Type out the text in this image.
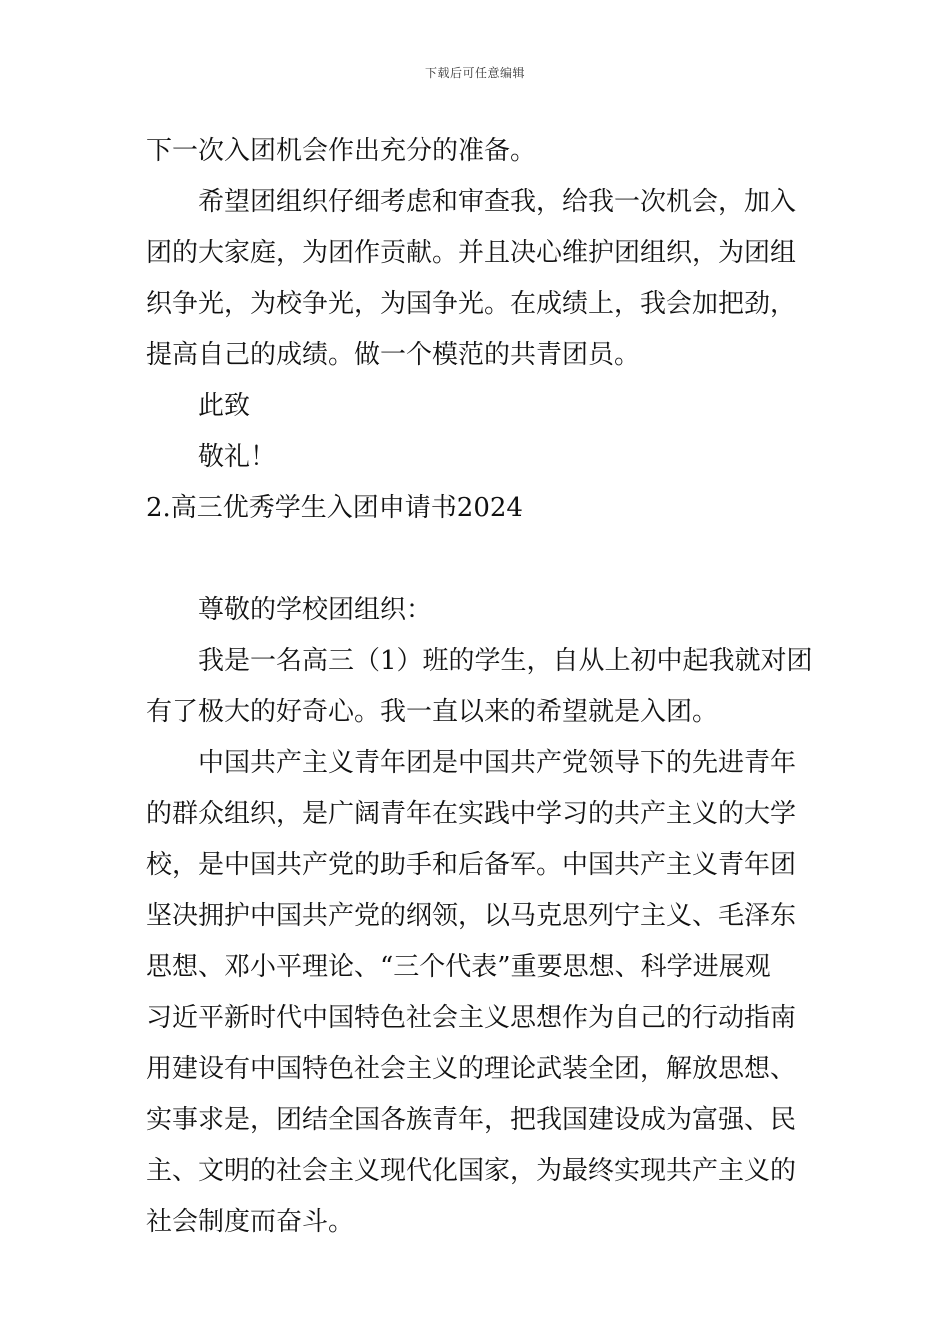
下载后可任意编辑
下一次入团机会作出充分的准备。
希望团组织仔细考虑和审查我，给我一次机会，加入
团的大家庭，为团作贡献。并且决心维护团组织，为团组
织争光，为校争光，为国争光。在成绩上，我会加把劲，
提高自己的成绩。做一个模范的共青团员。
此致
敬礼！
2.高三优秀学生入团申请书2024
尊敬的学校团组织：
我是一名高三（1）班的学生，自从上初中起我就对团
有了极大的好奇心。我一直以来的希望就是入团。
中国共产主义青年团是中国共产党领导下的先进青年
的群众组织，是广阔青年在实践中学习的共产主义的大学
校，是中国共产党的助手和后备军。中国共产主义青年团
坚决拥护中国共产党的纲领，以马克思列宁主义、毛泽东
思想、邓小平理论、“三个代表”重要思想、科学进展观
习近平新时代中国特色社会主义思想作为自己的行动指南
用建设有中国特色社会主义的理论武装全团，解放思想、
实事求是，团结全国各族青年，把我国建设成为富强、民
主、文明的社会主义现代化国家，为最终实现共产主义的
社会制度而奋斗。
